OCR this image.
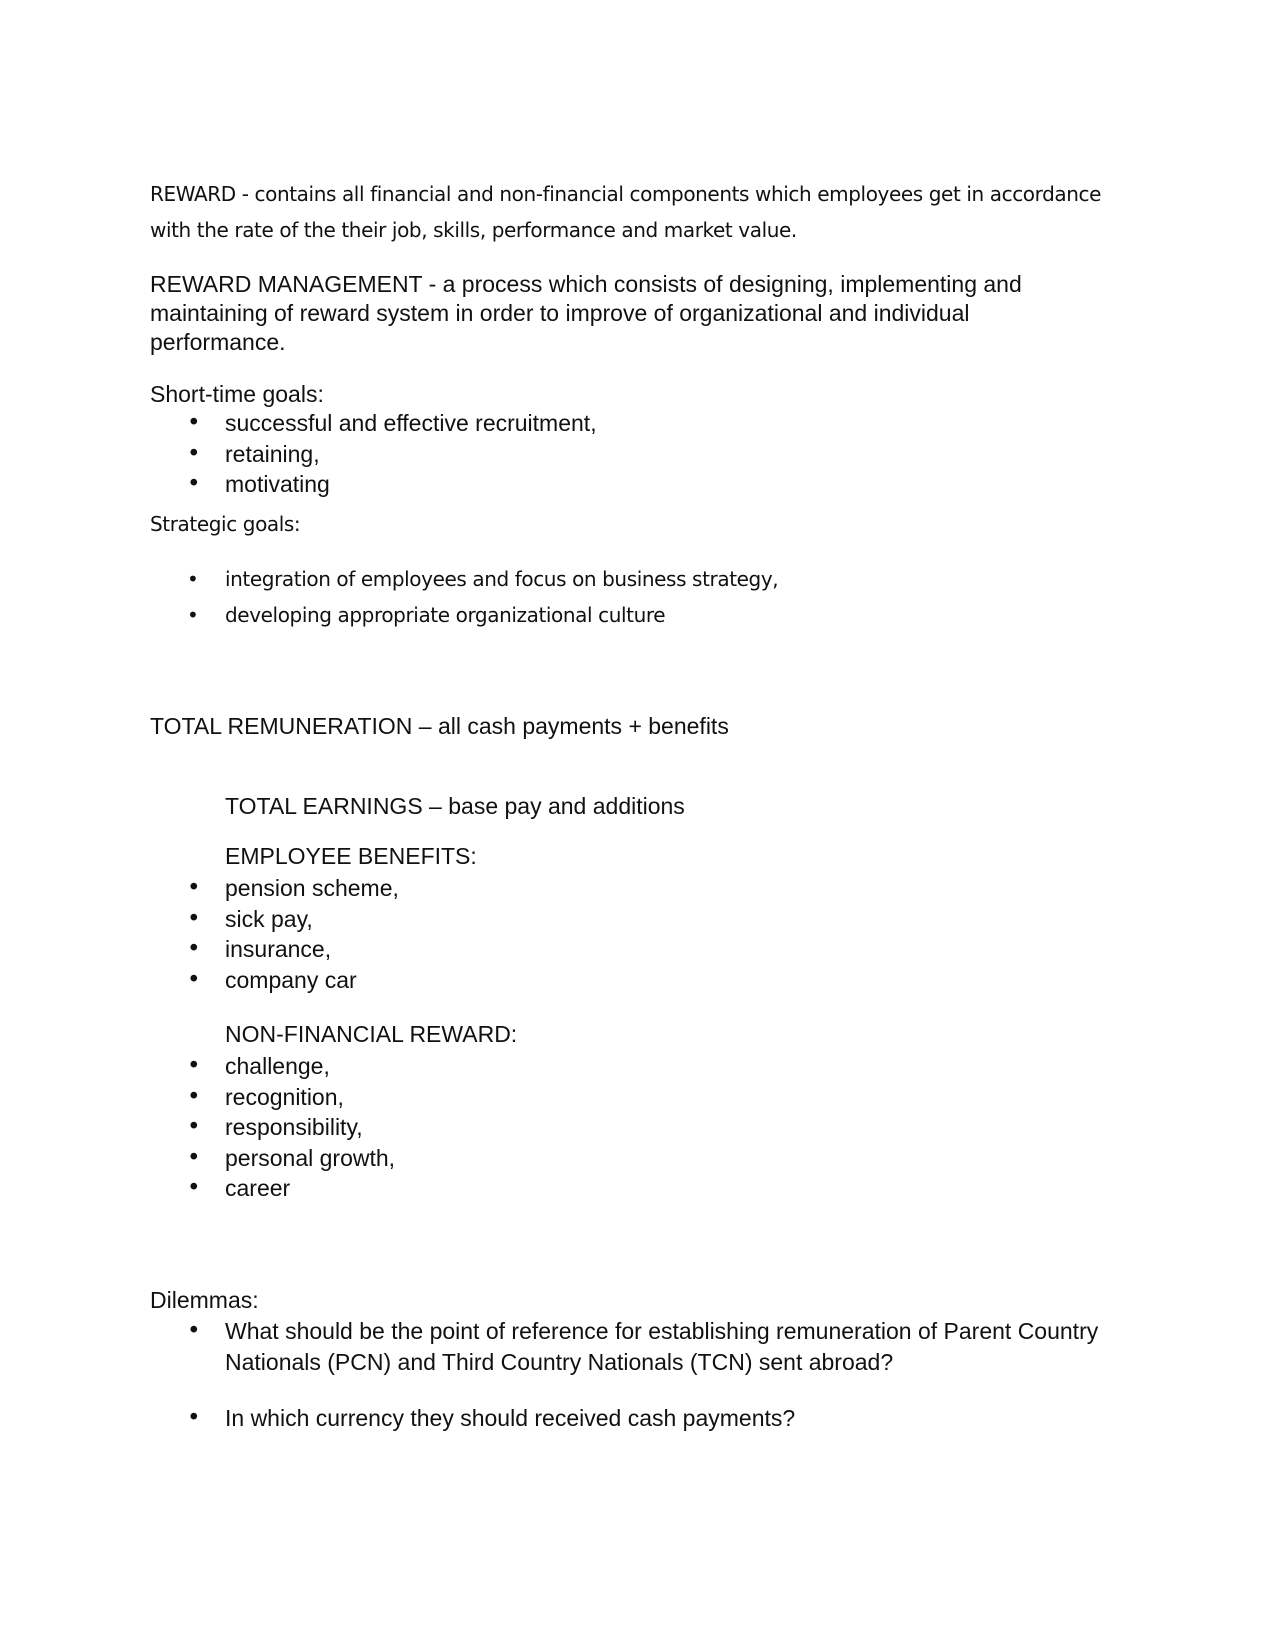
REWARD - contains all financial and non-financial components which employees get in accordance with the rate of the their job, skills, performance and market value.

REWARD MANAGEMENT - a process which consists of designing, implementing and maintaining of reward system in order to improve of organizational and individual performance.

Short-time goals:

• successful and effective recruitment,
• retaining,
• motivating

Strategic goals:

• integration of employees and focus on business strategy,
• developing appropriate organizational culture

TOTAL REMUNERATION – all cash payments + benefits

TOTAL EARNINGS – base pay and additions

EMPLOYEE BENEFITS:

• pension scheme,
• sick pay,
• insurance,
• company car

NON-FINANCIAL REWARD:

• challenge,
• recognition,
• responsibility,
• personal growth,
• career

Dilemmas:

• What should be the point of reference for establishing remuneration of Parent Country Nationals (PCN) and Third Country Nationals (TCN) sent abroad?
• In which currency they should received cash payments?
